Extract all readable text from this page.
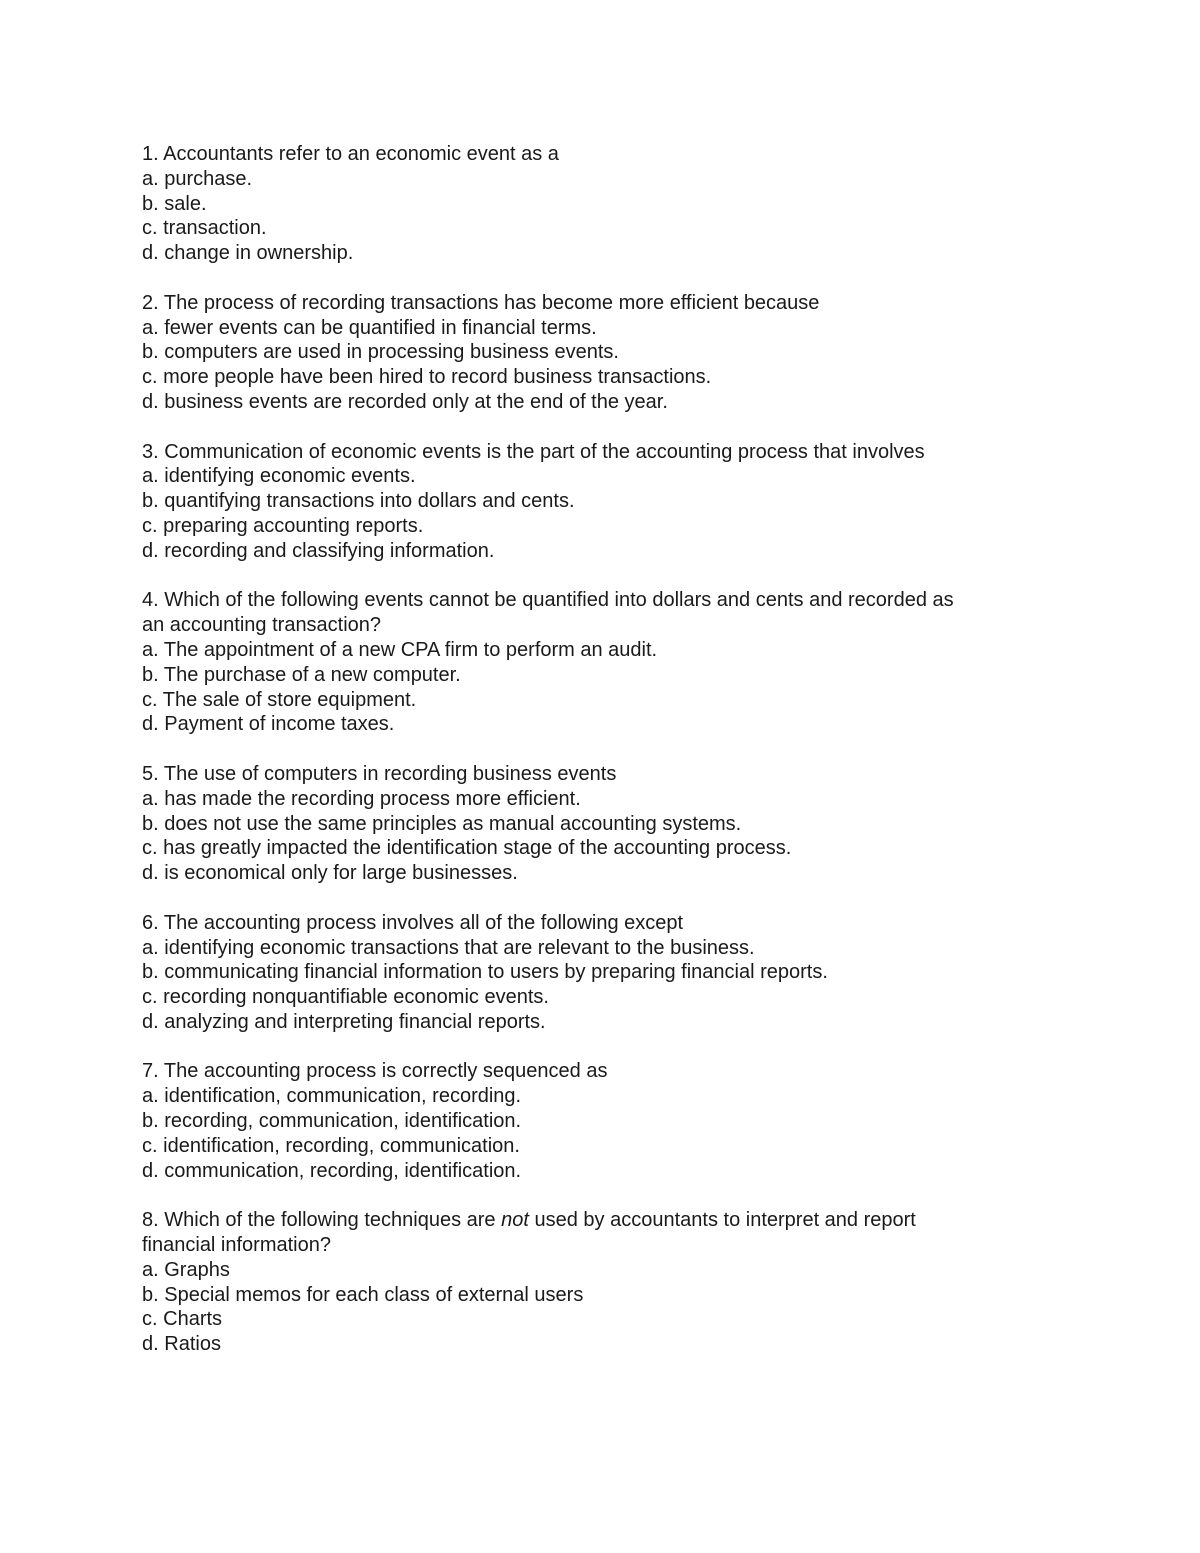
1. Accountants refer to an economic event as a
a. purchase.
b. sale.
c. transaction.
d. change in ownership.
2. The process of recording transactions has become more efficient because
a. fewer events can be quantified in financial terms.
b. computers are used in processing business events.
c. more people have been hired to record business transactions.
d. business events are recorded only at the end of the year.
3. Communication of economic events is the part of the accounting process that involves
a. identifying economic events.
b. quantifying transactions into dollars and cents.
c. preparing accounting reports.
d. recording and classifying information.
4. Which of the following events cannot be quantified into dollars and cents and recorded as
an accounting transaction?
a. The appointment of a new CPA firm to perform an audit.
b. The purchase of a new computer.
c. The sale of store equipment.
d. Payment of income taxes.
5. The use of computers in recording business events
a. has made the recording process more efficient.
b. does not use the same principles as manual accounting systems.
c. has greatly impacted the identification stage of the accounting process.
d. is economical only for large businesses.
6. The accounting process involves all of the following except
a. identifying economic transactions that are relevant to the business.
b. communicating financial information to users by preparing financial reports.
c. recording nonquantifiable economic events.
d. analyzing and interpreting financial reports.
7. The accounting process is correctly sequenced as
a. identification, communication, recording.
b. recording, communication, identification.
c. identification, recording, communication.
d. communication, recording, identification.
8. Which of the following techniques are not used by accountants to interpret and report
financial information?
a. Graphs
b. Special memos for each class of external users
c. Charts
d. Ratios
